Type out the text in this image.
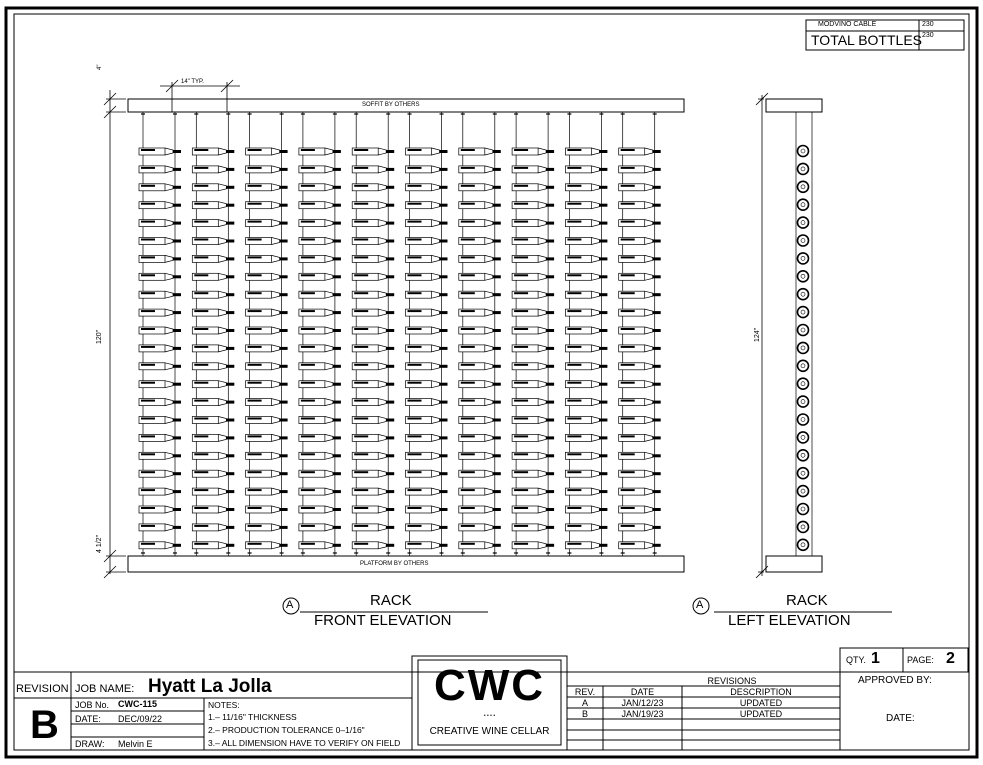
MODVINO CABLE	230
TOTAL BOTTLES 230
SOFFIT BY OTHERS
PLATFORM BY OTHERS
4"
14" TYP.
120"
4 1/2"
A	RACK
FRONT ELEVATION
124"
A	RACK
LEFT ELEVATION
REVISION
B
JOB NAME: Hyatt La Jolla
JOB No. CWC-115
DATE: DEC/09/22
DRAW: Melvin E
NOTES:
1.– 11/16" THICKNESS
2.– PRODUCTION TOLERANCE 0–1/16"
3.– ALL DIMENSION HAVE TO VERIFY ON FIELD
CWC
• • • •
CREATIVE WINE CELLAR
REVISIONS
REV.	DATE	DESCRIPTION
A	JAN/12/23	UPDATED
B	JAN/19/23	UPDATED
QTY. 1	PAGE: 2
APPROVED BY:
DATE:
